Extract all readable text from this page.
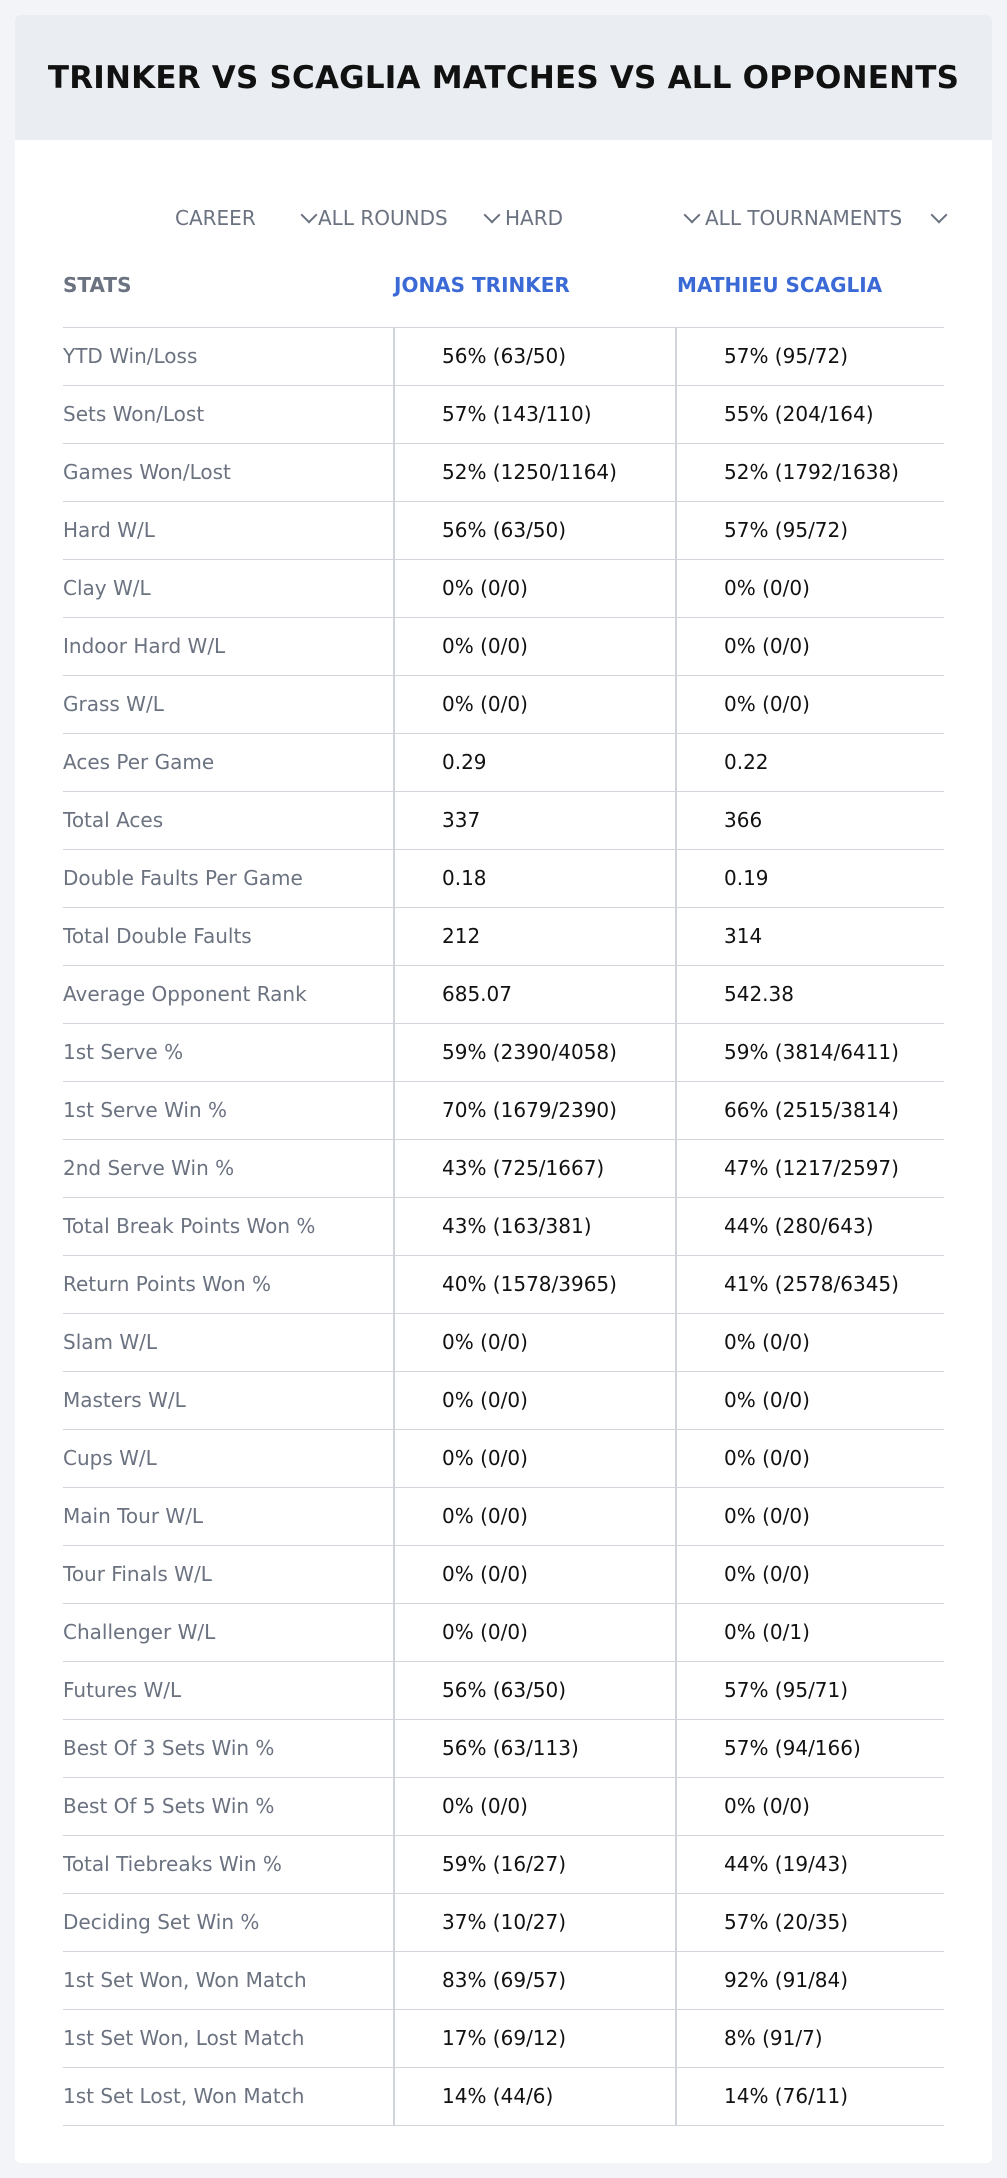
TRINKER VS SCAGLIA MATCHES VS ALL OPPONENTS
CAREER	ALL ROUNDS	HARD	ALL TOURNAMENTS
STATS	JONAS TRINKER	MATHIEU SCAGLIA
YTD Win/Loss	56% (63/50)	57% (95/72)
Sets Won/Lost	57% (143/110)	55% (204/164)
Games Won/Lost	52% (1250/1164)	52% (1792/1638)
Hard W/L	56% (63/50)	57% (95/72)
Clay W/L	0% (0/0)	0% (0/0)
Indoor Hard W/L	0% (0/0)	0% (0/0)
Grass W/L	0% (0/0)	0% (0/0)
Aces Per Game	0.29	0.22
Total Aces	337	366
Double Faults Per Game	0.18	0.19
Total Double Faults	212	314
Average Opponent Rank	685.07	542.38
1st Serve %	59% (2390/4058)	59% (3814/6411)
1st Serve Win %	70% (1679/2390)	66% (2515/3814)
2nd Serve Win %	43% (725/1667)	47% (1217/2597)
Total Break Points Won %	43% (163/381)	44% (280/643)
Return Points Won %	40% (1578/3965)	41% (2578/6345)
Slam W/L	0% (0/0)	0% (0/0)
Masters W/L	0% (0/0)	0% (0/0)
Cups W/L	0% (0/0)	0% (0/0)
Main Tour W/L	0% (0/0)	0% (0/0)
Tour Finals W/L	0% (0/0)	0% (0/0)
Challenger W/L	0% (0/0)	0% (0/1)
Futures W/L	56% (63/50)	57% (95/71)
Best Of 3 Sets Win %	56% (63/113)	57% (94/166)
Best Of 5 Sets Win %	0% (0/0)	0% (0/0)
Total Tiebreaks Win %	59% (16/27)	44% (19/43)
Deciding Set Win %	37% (10/27)	57% (20/35)
1st Set Won, Won Match	83% (69/57)	92% (91/84)
1st Set Won, Lost Match	17% (69/12)	8% (91/7)
1st Set Lost, Won Match	14% (44/6)	14% (76/11)
